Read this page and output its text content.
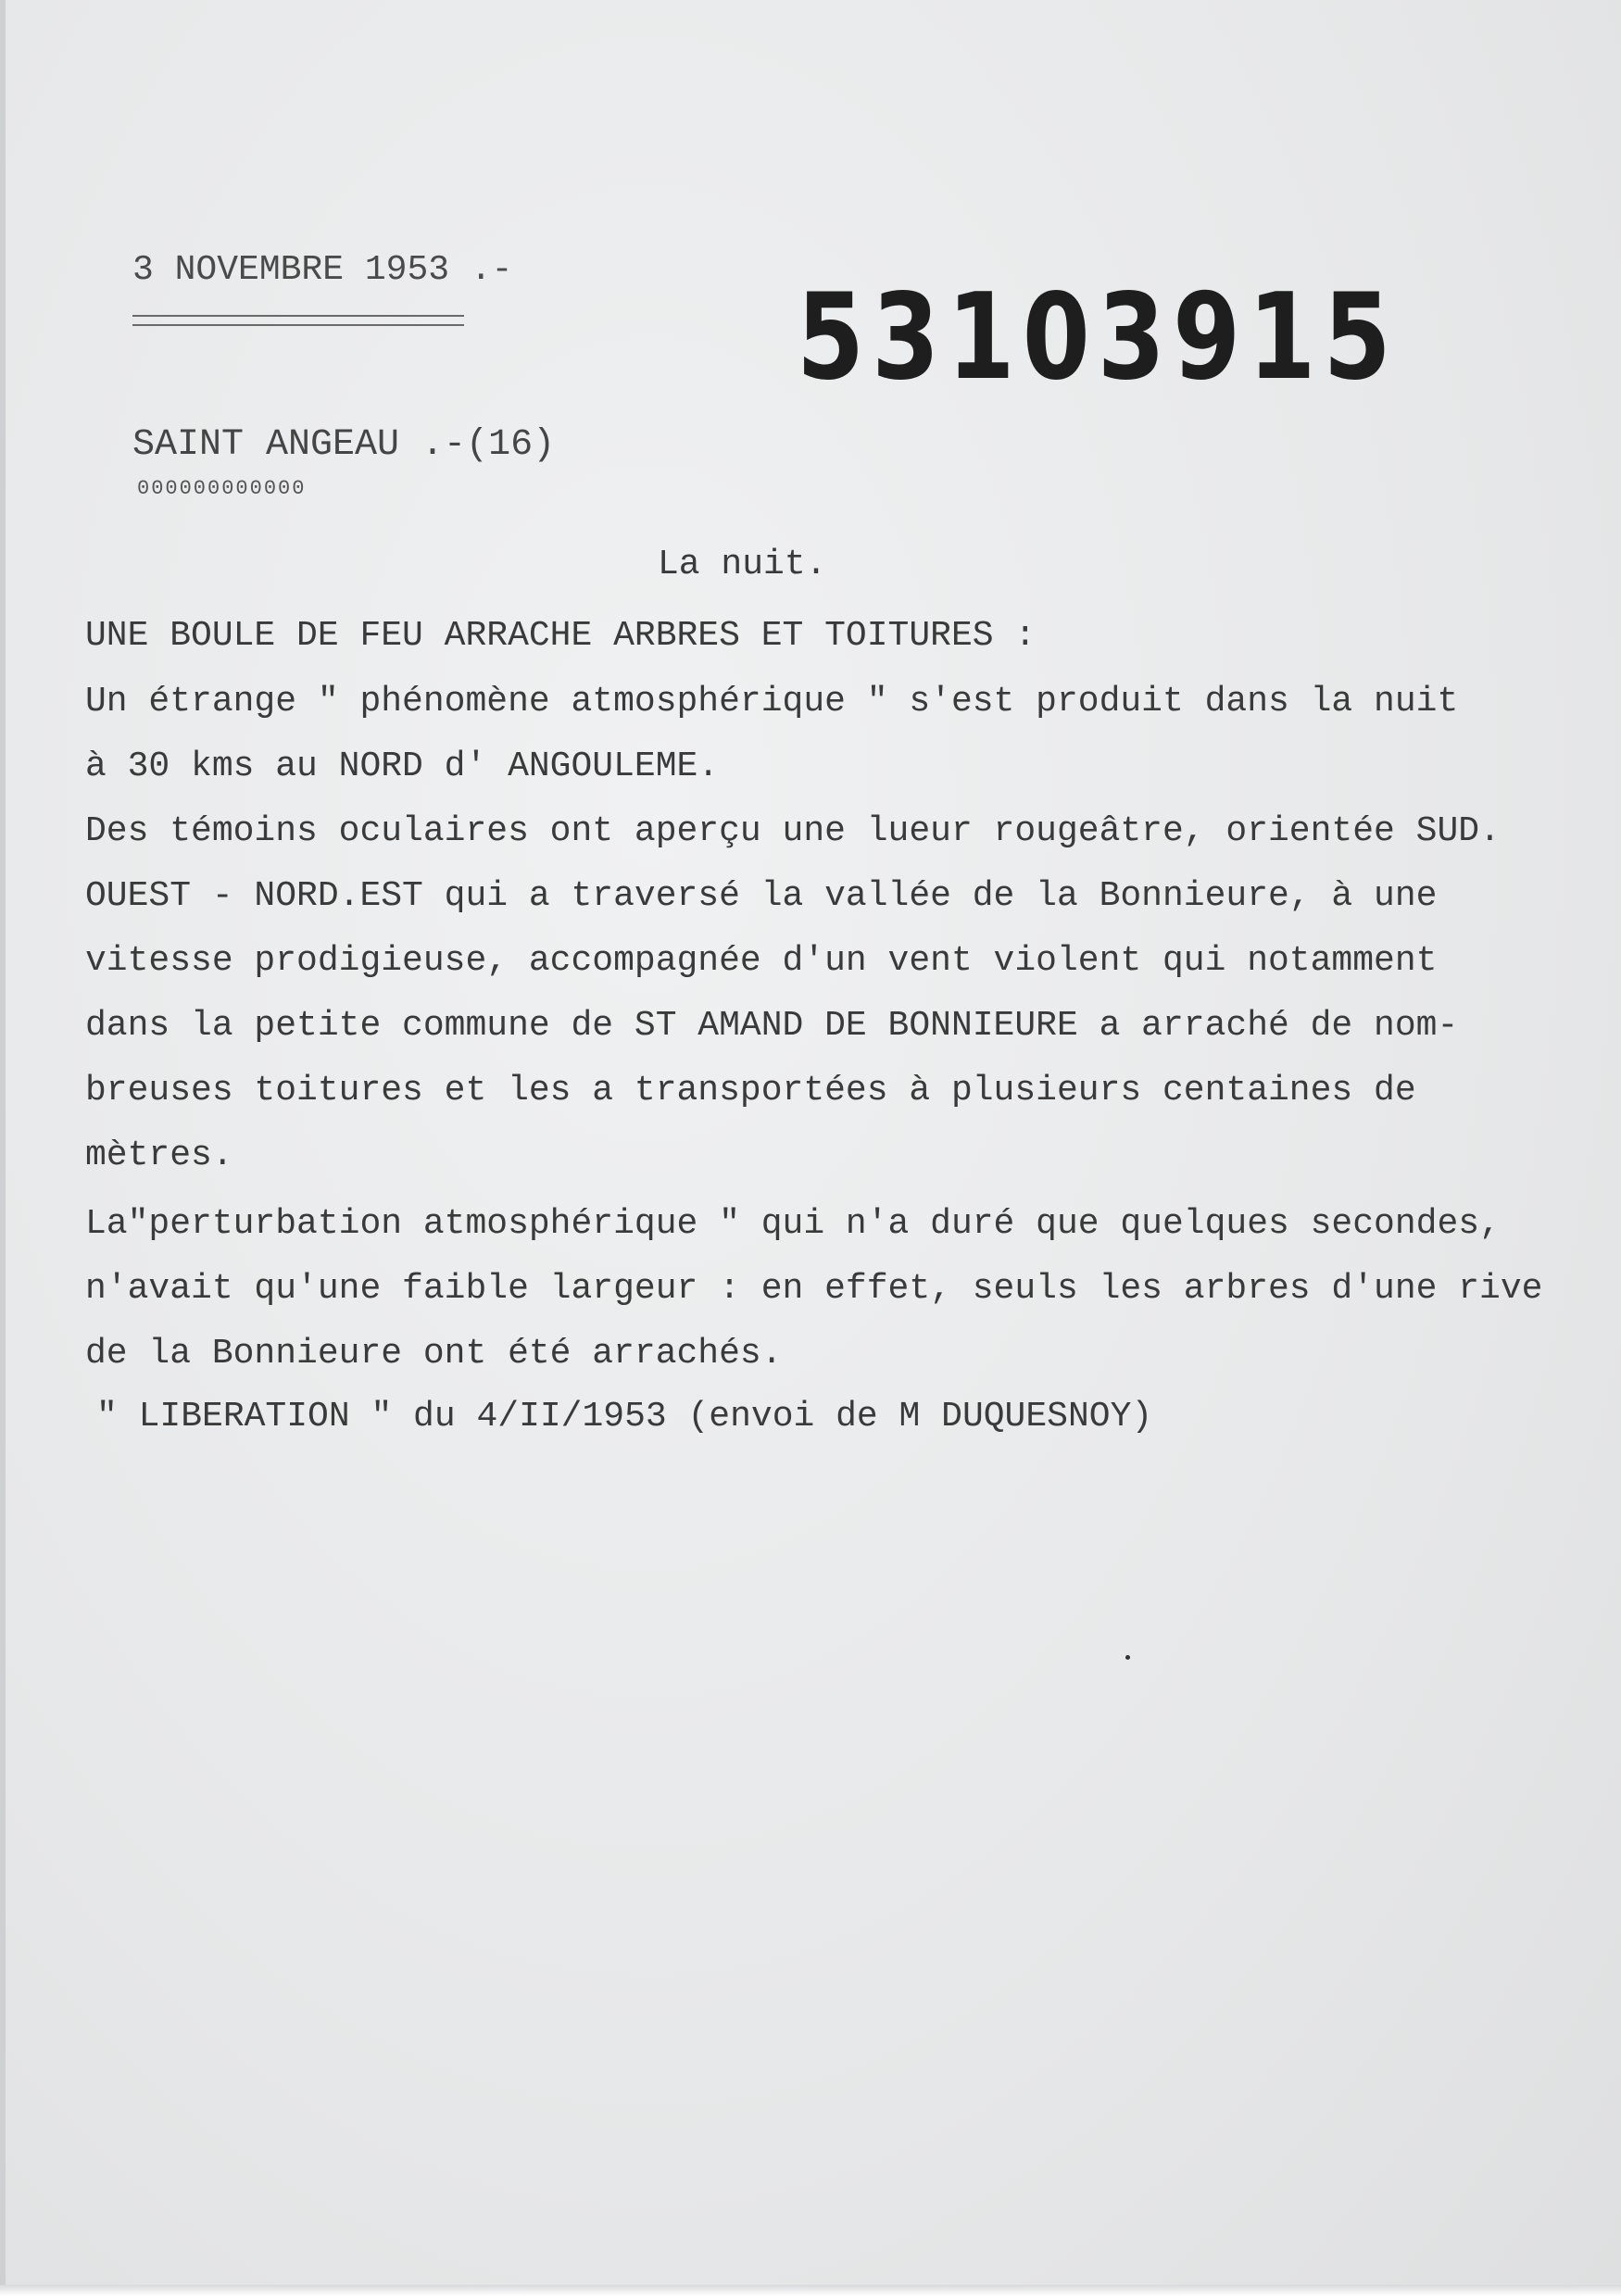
3 NOVEMBRE 1953 .- 53103915
SAINT ANGEAU .-(16)
000000000000
La nuit.
UNE BOULE DE FEU ARRACHE ARBRES ET TOITURES :
Un étrange " phénomène atmosphérique " s'est produit dans la nuit
à 30 kms au NORD d' ANGOULEME.
Des témoins oculaires ont aperçu une lueur rougeâtre, orientée SUD.
OUEST - NORD.EST qui a traversé la vallée de la Bonnieure, à une
vitesse prodigieuse, accompagnée d'un vent violent qui notamment
dans la petite commune de ST AMAND DE BONNIEURE a arraché de nom-
breuses toitures et les a transportées à plusieurs centaines de
mètres.
La"perturbation atmosphérique " qui n'a duré que quelques secondes,
n'avait qu'une faible largeur : en effet, seuls les arbres d'une rive
de la Bonnieure ont été arrachés.
" LIBERATION " du 4/II/1953 (envoi de M DUQUESNOY)
